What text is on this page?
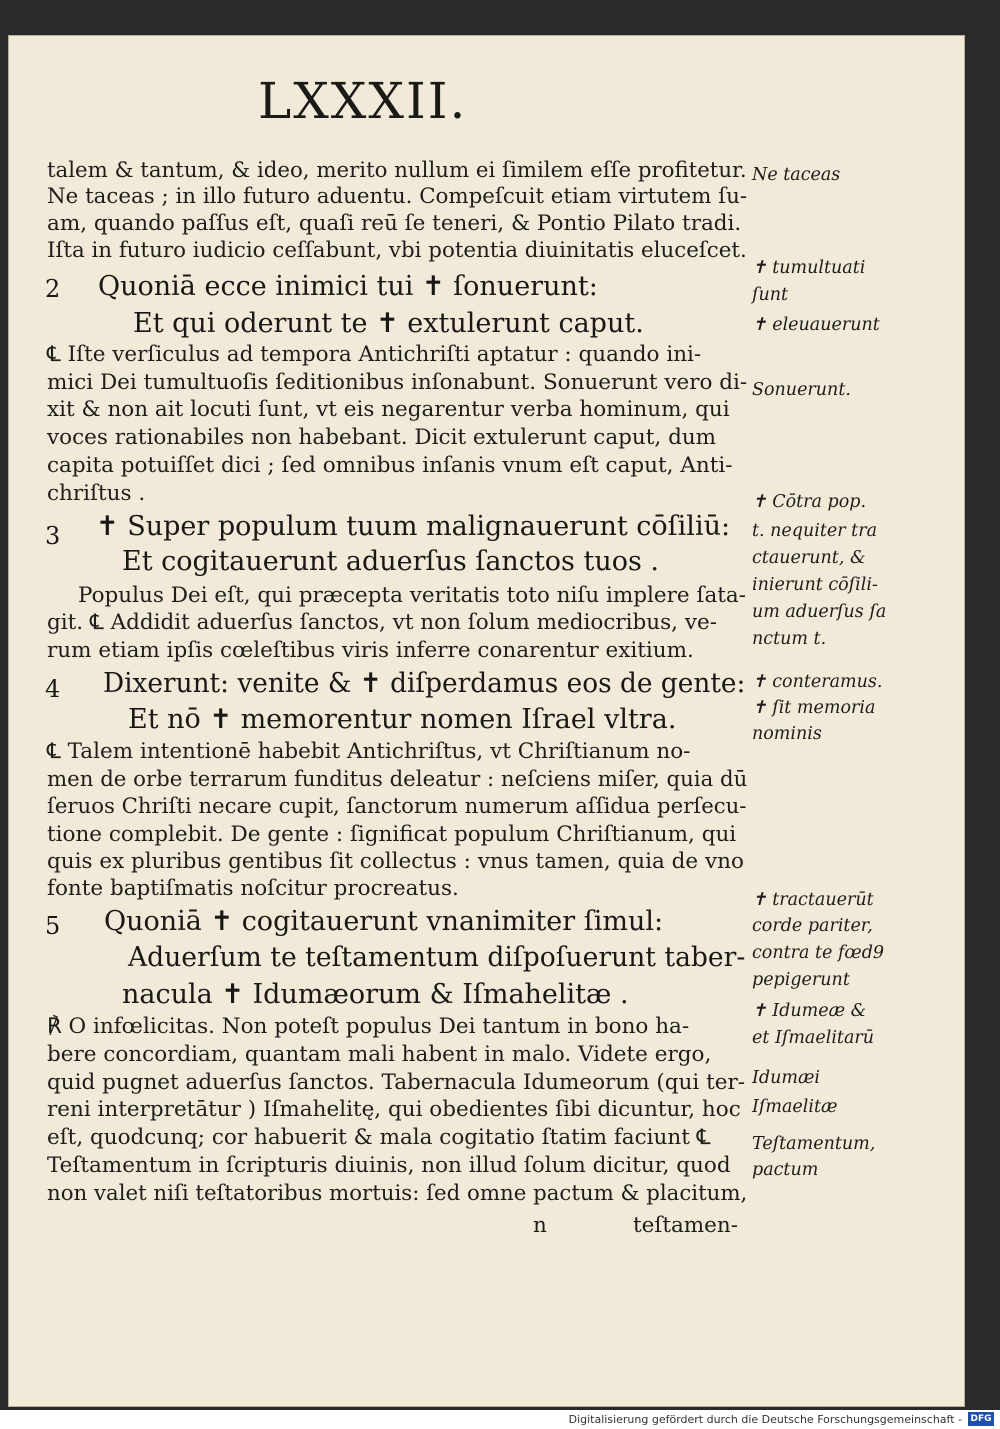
LXXXII.

talem & tantum, & ideo, merito nullum ei ſimilem eſſe profitetur.

Ne taceas ; in illo futuro aduentu. Compeſcuit etiam virtutem ſu-

am, quando paſſus eſt, quaſi reū ſe teneri, & Pontio Pilato tradi.

Iſta in futuro iudicio ceſſabunt, vbi potentia diuinitatis eluceſcet.

2 Quoniā ecce inimici tui ✝ ſonuerunt:
Et qui oderunt te ✝ extulerunt caput.

℄ Iſte verſiculus ad tempora Antichriſti aptatur : quando ini-

mici Dei tumultuoſis ſeditionibus inſonabunt. Sonuerunt vero di-

xit & non ait locuti ſunt, vt eis negarentur verba hominum, qui

voces rationabiles non habebant. Dicit extulerunt caput, dum

capita potuiſſet dici ; ſed omnibus inſanis vnum eſt caput, Anti-

chriſtus .

3 ✝ Super populum tuum malignauerunt cōſiliū:
Et cogitauerunt aduerſus ſanctos tuos .

Populus Dei eſt, qui præcepta veritatis toto niſu implere ſata-

git. ℄ Addidit aduerſus ſanctos, vt non ſolum mediocribus, ve-

rum etiam ipſis cœleſtibus viris inferre conarentur exitium.

4 Dixerunt: venite & ✝ diſperdamus eos de gente:
Et nō ✝ memorentur nomen Iſrael vltra.

℄ Talem intentionē habebit Antichriſtus, vt Chriſtianum no-

men de orbe terrarum funditus deleatur : neſciens miſer, quia dū

ſeruos Chriſti necare cupit, ſanctorum numerum aſſidua perſecu-

tione complebit. De gente : ſignificat populum Chriſtianum, qui

quis ex pluribus gentibus ſit collectus : vnus tamen, quia de vno

fonte baptiſmatis noſcitur procreatus.

5 Quoniā ✝ cogitauerunt vnanimiter ſimul:
Aduerſum te teſtamentum diſpoſuerunt taber-
nacula ✝ Idumæorum & Iſmahelitæ .

℟ O infœlicitas. Non poteſt populus Dei tantum in bono ha-

bere concordiam, quantam mali habent in malo. Videte ergo,

quid pugnet aduerſus ſanctos. Tabernacula Idumeorum (qui ter-

reni interpretātur ) Iſmahelitę, qui obedientes ſibi dicuntur, hoc

eſt, quodcunq; cor habuerit & mala cogitatio ſtatim faciunt ℄

Teſtamentum in ſcripturis diuinis, non illud ſolum dicitur, quod

non valet niſi teſtatoribus mortuis: ſed omne pactum & placitum,

n	teſtamen-
Ne taceas
✝ tumultuati
ſunt
✝ eleuauerunt
Sonuerunt.
✝ Cōtra pop.
t. nequiter tra
ctauerunt, &
inierunt cōſili-
um aduerſus ſa
nctum t.
✝ conteramus.
✝ ſit memoria
nominis
✝ tractauerūt
corde pariter,
contra te fœd9
pepigerunt
✝ Idumeæ &
et Iſmaelitarū
Idumæi
Iſmaelitæ
Teſtamentum,
pactum
Digitalisierung gefördert durch die Deutsche Forschungsgemeinschaft - DFG
